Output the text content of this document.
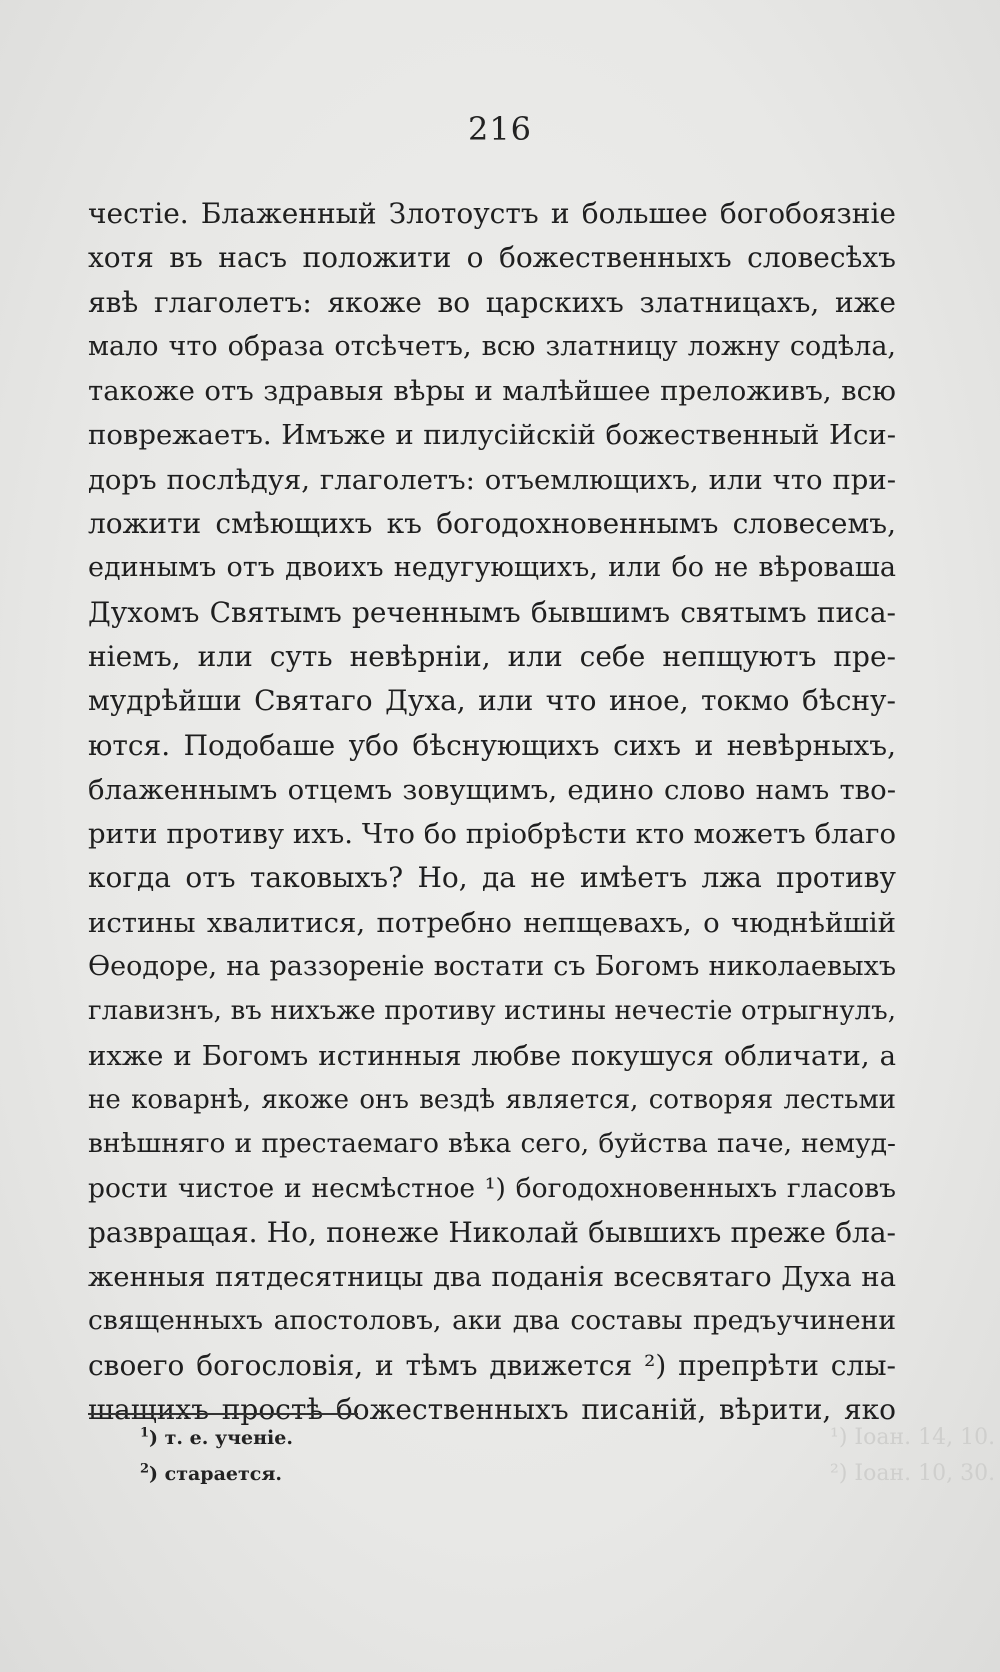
216
честіе. Блаженный Злотоустъ и большее богобоязніе
хотя въ насъ положити о божественныхъ словесѣхъ
явѣ глаголетъ: якоже во царскихъ златницахъ, иже
мало что образа отсѣчетъ, всю златницу ложну содѣла,
такоже отъ здравыя вѣры и малѣйшее преложивъ, всю
поврежаетъ. Имъже и пилусійскій божественный Иси-
доръ послѣдуя, глаголетъ: отъемлющихъ, или что при-
ложити смѣющихъ къ богодохновеннымъ словесемъ,
единымъ отъ двоихъ недугующихъ, или бо не вѣроваша
Духомъ Святымъ реченнымъ бывшимъ святымъ писа-
ніемъ, или суть невѣрніи, или себе непщуютъ пре-
мудрѣйши Святаго Духа, или что иное, токмо бѣсну-
ются. Подобаше убо бѣснующихъ сихъ и невѣрныхъ,
блаженнымъ отцемъ зовущимъ, едино слово намъ тво-
рити противу ихъ. Что бо пріобрѣсти кто можетъ благо
когда отъ таковыхъ? Но, да не имѣетъ лжа противу
истины хвалитися, потребно непщевахъ, о чюднѣйшій
Ѳеодоре, на раззореніе востати съ Богомъ николаевыхъ
главизнъ, въ нихъже противу истины нечестіе отрыгнулъ,
ихже и Богомъ истинныя любве покушуся обличати, а
не коварнѣ, якоже онъ вездѣ является, сотворяя лестьми
внѣшняго и престаемаго вѣка сего, буйства паче, немуд-
рости чистое и несмѣстное ¹) богодохновенныхъ гласовъ
развращая. Но, понеже Николай бывшихъ преже бла-
женныя пятдесятницы два поданія всесвятаго Духа на
священныхъ апостоловъ, аки два составы предъучинени
своего богословія, и тѣмъ движется ²) препрѣти слы-
шащихъ простѣ божественныхъ писаній, вѣрити, яко
$^1$) т. е. ученіе.
$^2$) старается.
¹) Іоан. 14, 10.
²) Іоан. 10, 30.
